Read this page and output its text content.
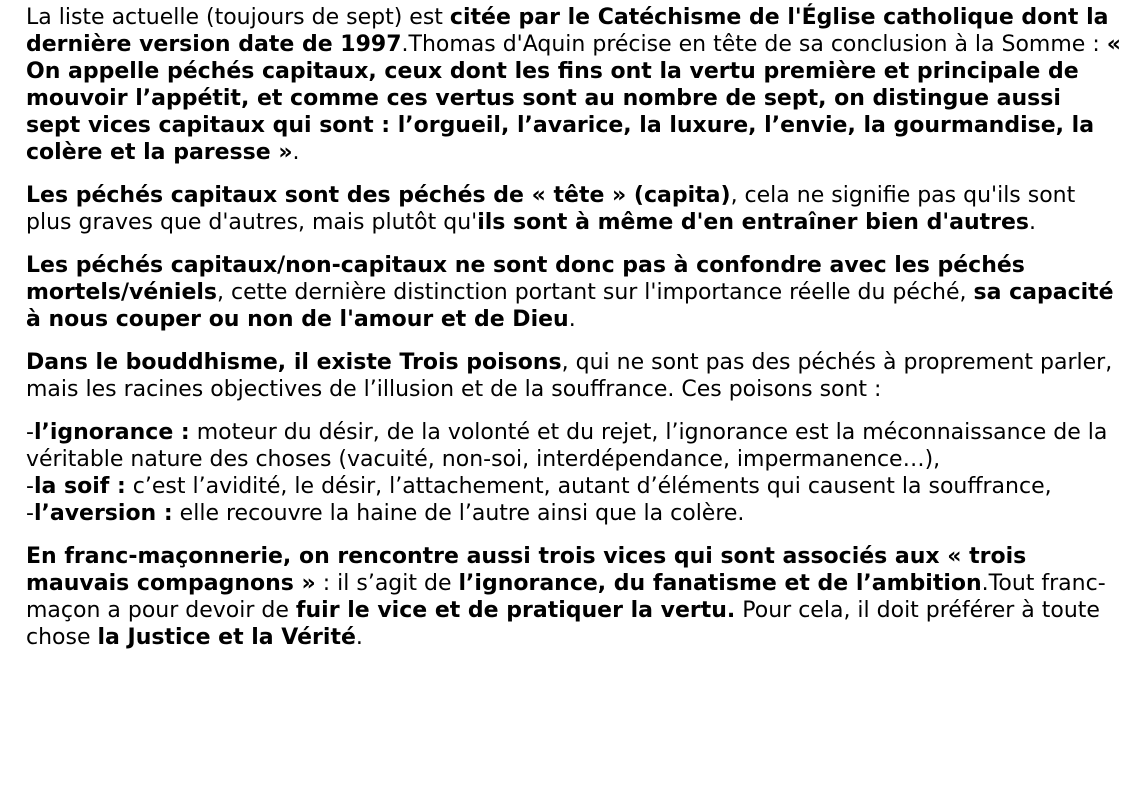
La liste actuelle (toujours de sept) est citée par le Catéchisme de l'Église catholique dont la dernière version date de 1997.Thomas d'Aquin précise en tête de sa conclusion à la Somme : « On appelle péchés capitaux, ceux dont les fins ont la vertu première et principale de mouvoir l’appétit, et comme ces vertus sont au nombre de sept, on distingue aussi sept vices capitaux qui sont : l’orgueil, l’avarice, la luxure, l’envie, la gourmandise, la colère et la paresse ».

Les péchés capitaux sont des péchés de « tête » (capita), cela ne signifie pas qu'ils sont plus graves que d'autres, mais plutôt qu'ils sont à même d'en entraîner bien d'autres.

Les péchés capitaux/non-capitaux ne sont donc pas à confondre avec les péchés mortels/véniels, cette dernière distinction portant sur l'importance réelle du péché, sa capacité à nous couper ou non de l'amour et de Dieu.

Dans le bouddhisme, il existe Trois poisons, qui ne sont pas des péchés à proprement parler, mais les racines objectives de l’illusion et de la souffrance. Ces poisons sont :

-l’ignorance : moteur du désir, de la volonté et du rejet, l’ignorance est la méconnaissance de la véritable nature des choses (vacuité, non-soi, interdépendance, impermanence…),
-la soif : c’est l’avidité, le désir, l’attachement, autant d’éléments qui causent la souffrance,
-l’aversion : elle recouvre la haine de l’autre ainsi que la colère.

En franc-maçonnerie, on rencontre aussi trois vices qui sont associés aux « trois mauvais compagnons » : il s’agit de l’ignorance, du fanatisme et de l’ambition.Tout franc-maçon a pour devoir de fuir le vice et de pratiquer la vertu. Pour cela, il doit préférer à toute chose la Justice et la Vérité.
